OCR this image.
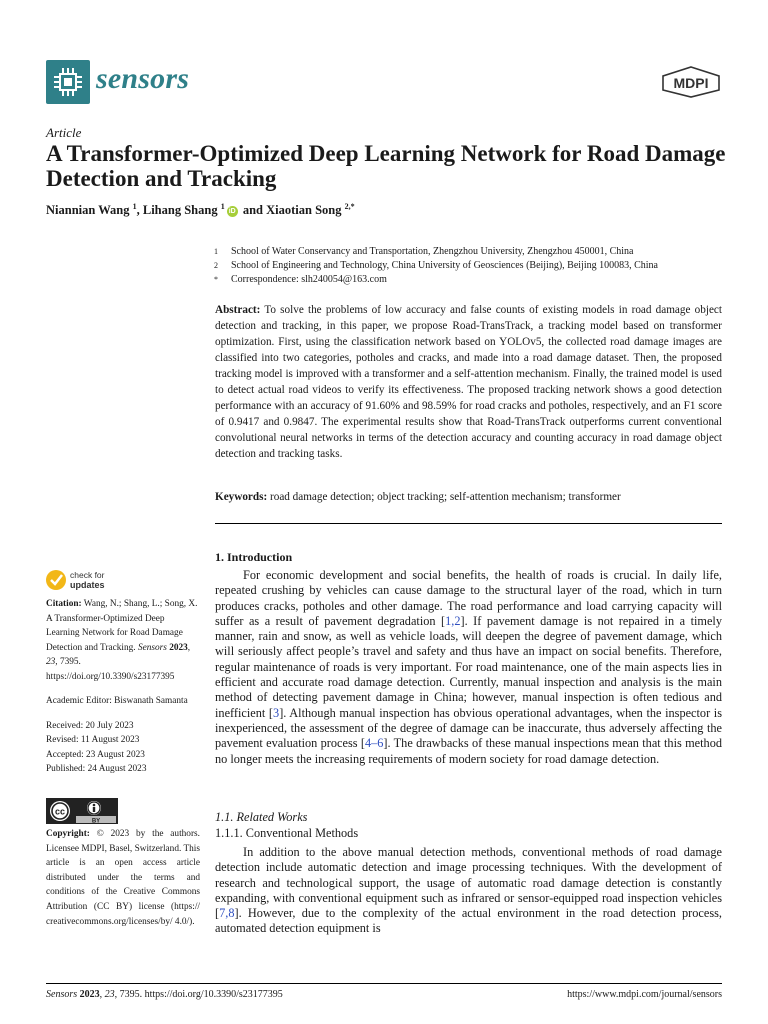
sensors	MDPI
Article
A Transformer-Optimized Deep Learning Network for Road Damage Detection and Tracking
Niannian Wang $^1$, Lihang Shang $^1$iD and Xiaotian Song $^{2,*}$
1	School of Water Conservancy and Transportation, Zhengzhou University, Zhengzhou 450001, China
2	School of Engineering and Technology, China University of Geosciences (Beijing), Beijing 100083, China
*	Correspondence: slh240054@163.com
Abstract: To solve the problems of low accuracy and false counts of existing models in road damage object detection and tracking, in this paper, we propose Road-TransTrack, a tracking model based on transformer optimization. First, using the classification network based on YOLOv5, the collected road damage images are classified into two categories, potholes and cracks, and made into a road damage dataset. Then, the proposed tracking model is improved with a transformer and a self-attention mechanism. Finally, the trained model is used to detect actual road videos to verify its effectiveness. The proposed tracking network shows a good detection performance with an accuracy of 91.60% and 98.59% for road cracks and potholes, respectively, and an F1 score of 0.9417 and 0.9847. The experimental results show that Road-TransTrack outperforms current conventional convolutional neural networks in terms of the detection accuracy and counting accuracy in road damage object detection and tracking tasks.
Keywords: road damage detection; object tracking; self-attention mechanism; transformer
check for
updates

Citation: Wang, N.; Shang, L.; Song, X. A Transformer-Optimized Deep Learning Network for Road Damage Detection and Tracking. Sensors 2023, 23, 7395. https://doi.org/10.3390/s23177395

Academic Editor: Biswanath Samanta

Received: 20 July 2023
Revised: 11 August 2023
Accepted: 23 August 2023
Published: 24 August 2023

cc
BY
Copyright: © 2023 by the authors. Licensee MDPI, Basel, Switzerland. This article is an open access article distributed under the terms and conditions of the Creative Commons Attribution (CC BY) license (https:// creativecommons.org/licenses/by/ 4.0/).
1. Introduction
For economic development and social benefits, the health of roads is crucial. In daily life, repeated crushing by vehicles can cause damage to the structural layer of the road, which in turn produces cracks, potholes and other damage. The road performance and load carrying capacity will suffer as a result of pavement degradation [1,2]. If pavement damage is not repaired in a timely manner, rain and snow, as well as vehicle loads, will deepen the degree of pavement damage, which will seriously affect people’s travel and safety and thus have an impact on social benefits. Therefore, regular maintenance of roads is very important. For road maintenance, one of the main aspects lies in efficient and accurate road damage detection. Currently, manual inspection and analysis is the main method of detecting pavement damage in China; however, manual inspection is often tedious and inefficient [3]. Although manual inspection has obvious operational advantages, when the inspector is inexperienced, the assessment of the degree of damage can be inaccurate, thus adversely affecting the pavement evaluation process [4–6]. The drawbacks of these manual inspections mean that this method no longer meets the increasing requirements of modern society for road damage detection.
1.1. Related Works
1.1.1. Conventional Methods
In addition to the above manual detection methods, conventional methods of road damage detection include automatic detection and image processing techniques. With the development of research and technological support, the usage of automatic road damage detection is constantly expanding, with conventional equipment such as infrared or sensor-equipped road inspection vehicles [7,8]. However, due to the complexity of the actual environment in the road detection process, automated detection equipment is
Sensors 2023, 23, 7395. https://doi.org/10.3390/s23177395	https://www.mdpi.com/journal/sensors
